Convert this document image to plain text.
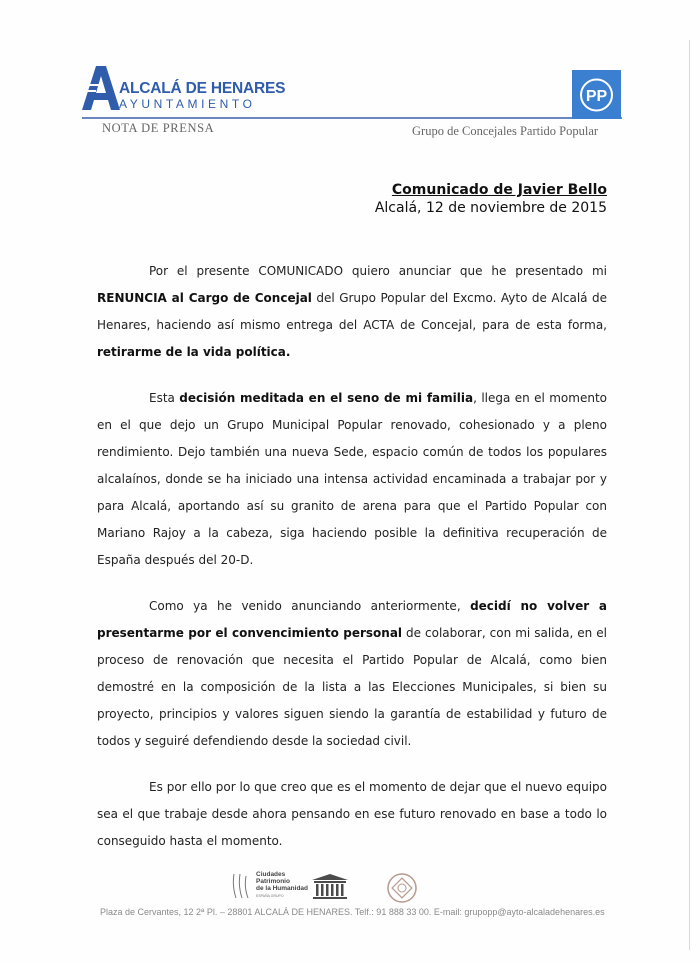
ALCALÁ DE HENARES
AYUNTAMIENTO
NOTA DE PRENSA	Grupo de Concejales Partido Popular
PP
Comunicado de Javier Bello
Alcalá, 12 de noviembre de 2015

Por el presente COMUNICADO quiero anunciar que he presentado mi RENUNCIA al Cargo de Concejal del Grupo Popular del Excmo. Ayto de Alcalá de Henares, haciendo así mismo entrega del ACTA de Concejal, para de esta forma, retirarme de la vida política.

Esta decisión meditada en el seno de mi familia, llega en el momento en el que dejo un Grupo Municipal Popular renovado, cohesionado y a pleno rendimiento. Dejo también una nueva Sede, espacio común de todos los populares alcalaínos, donde se ha iniciado una intensa actividad encaminada a trabajar por y para Alcalá, aportando así su granito de arena para que el Partido Popular con Mariano Rajoy a la cabeza, siga haciendo posible la definitiva recuperación de España después del 20-D.

Como ya he venido anunciando anteriormente, decidí no volver a presentarme por el convencimiento personal de colaborar, con mi salida, en el proceso de renovación que necesita el Partido Popular de Alcalá, como bien demostré en la composición de la lista a las Elecciones Municipales, si bien su proyecto, principios y valores siguen siendo la garantía de estabilidad y futuro de todos y seguiré defendiendo desde la sociedad civil.

Es por ello por lo que creo que es el momento de dejar que el nuevo equipo sea el que trabaje desde ahora pensando en ese futuro renovado en base a todo lo conseguido hasta el momento.

Ciudades
Patrimonio
de la Humanidad
ESPAÑA GRUPO
Plaza de Cervantes, 12 2ª Pl. – 28801 ALCALÁ DE HENARES. Telf.: 91 888 33 00. E-mail: grupopp@ayto-alcaladehenares.es
